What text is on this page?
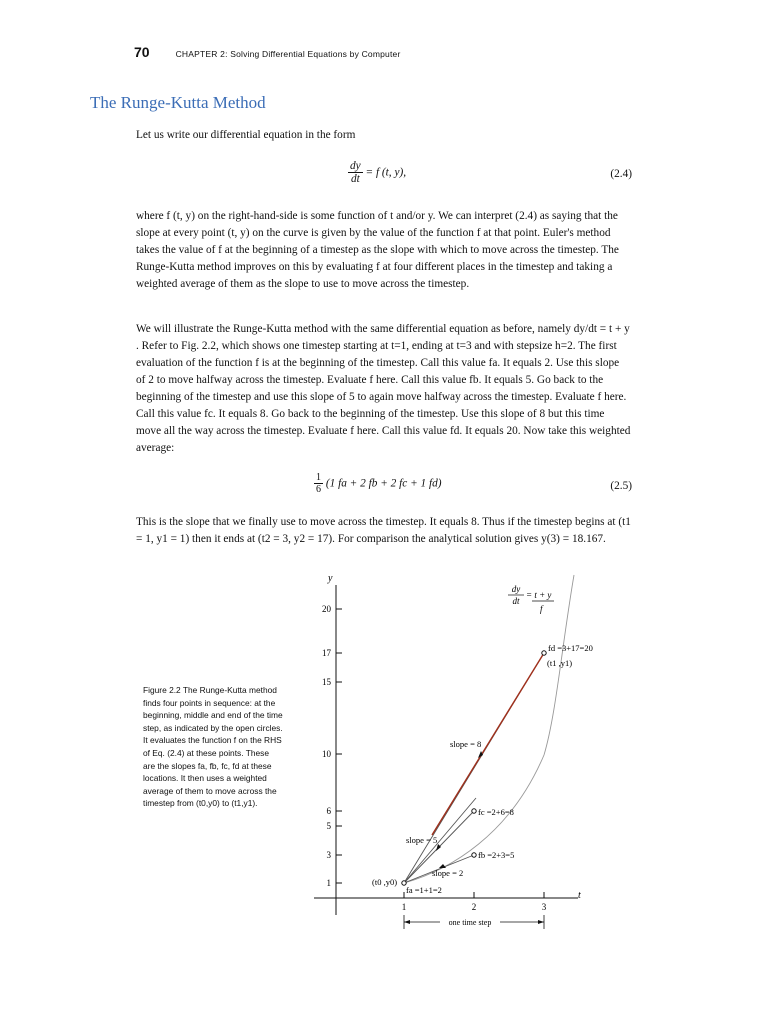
70	CHAPTER 2: Solving Differential Equations by Computer
The Runge-Kutta Method
Let us write our differential equation in the form
$\frac{dy}{dt} = f$ (t, y),	(2.4)
where f (t, y) on the right-hand-side is some function of t and/or y. We can interpret (2.4) as saying that the slope at every point (t, y) on the curve is given by the value of the function f at that point. Euler's method takes the value of f at the beginning of a timestep as the slope with which to move across the timestep. The Runge-Kutta method improves on this by evaluating f at four different places in the timestep and taking a weighted average of them as the slope to use to move across the timestep.
We will illustrate the Runge-Kutta method with the same differential equation as before, namely dy/dt = t + y . Refer to Fig. 2.2, which shows one timestep starting at t=1, ending at t=3 and with stepsize h=2. The first evaluation of the function f is at the beginning of the timestep. Call this value fa. It equals 2. Use this slope of 2 to move halfway across the timestep. Evaluate f here. Call this value fb. It equals 5. Go back to the beginning of the timestep and use this slope of 5 to again move halfway across the timestep. Evaluate f here. Call this value fc. It equals 8. Go back to the beginning of the timestep. Use this slope of 8 but this time move all the way across the timestep. Evaluate f here. Call this value fd. It equals 20. Now take this weighted average:
$\frac{1}{6} (1$ fa + 2 fb + 2 fc + 1 fd)	(2.5)
This is the slope that we finally use to move across the timestep. It equals 8. Thus if the timestep begins at (t1 = 1, y1 = 1) then it ends at (t2 = 3, y2 = 17). For comparison the analytical solution gives y(3) = 18.167.
Figure 2.2 The Runge-Kutta method finds four points in sequence: at the beginning, middle and end of the time step, as indicated by the open circles. It evaluates the function f on the RHS of Eq. (2.4) at these points. These are the slopes fa, fb, fc, fd at these locations. It then uses a weighted average of them to move across the timestep from (t0,y0) to (t1,y1).
y
t
20
17
15
10
6
5
3
1
1	2	3
dy
dt
= t + y
f
fd =3+17=20
(t1 ,y1)
slope = 8
fc =2+6=8
slope = 5
fb =2+3=5
slope = 2
(t0 ,y0)
fa =1+1=2
one time step
